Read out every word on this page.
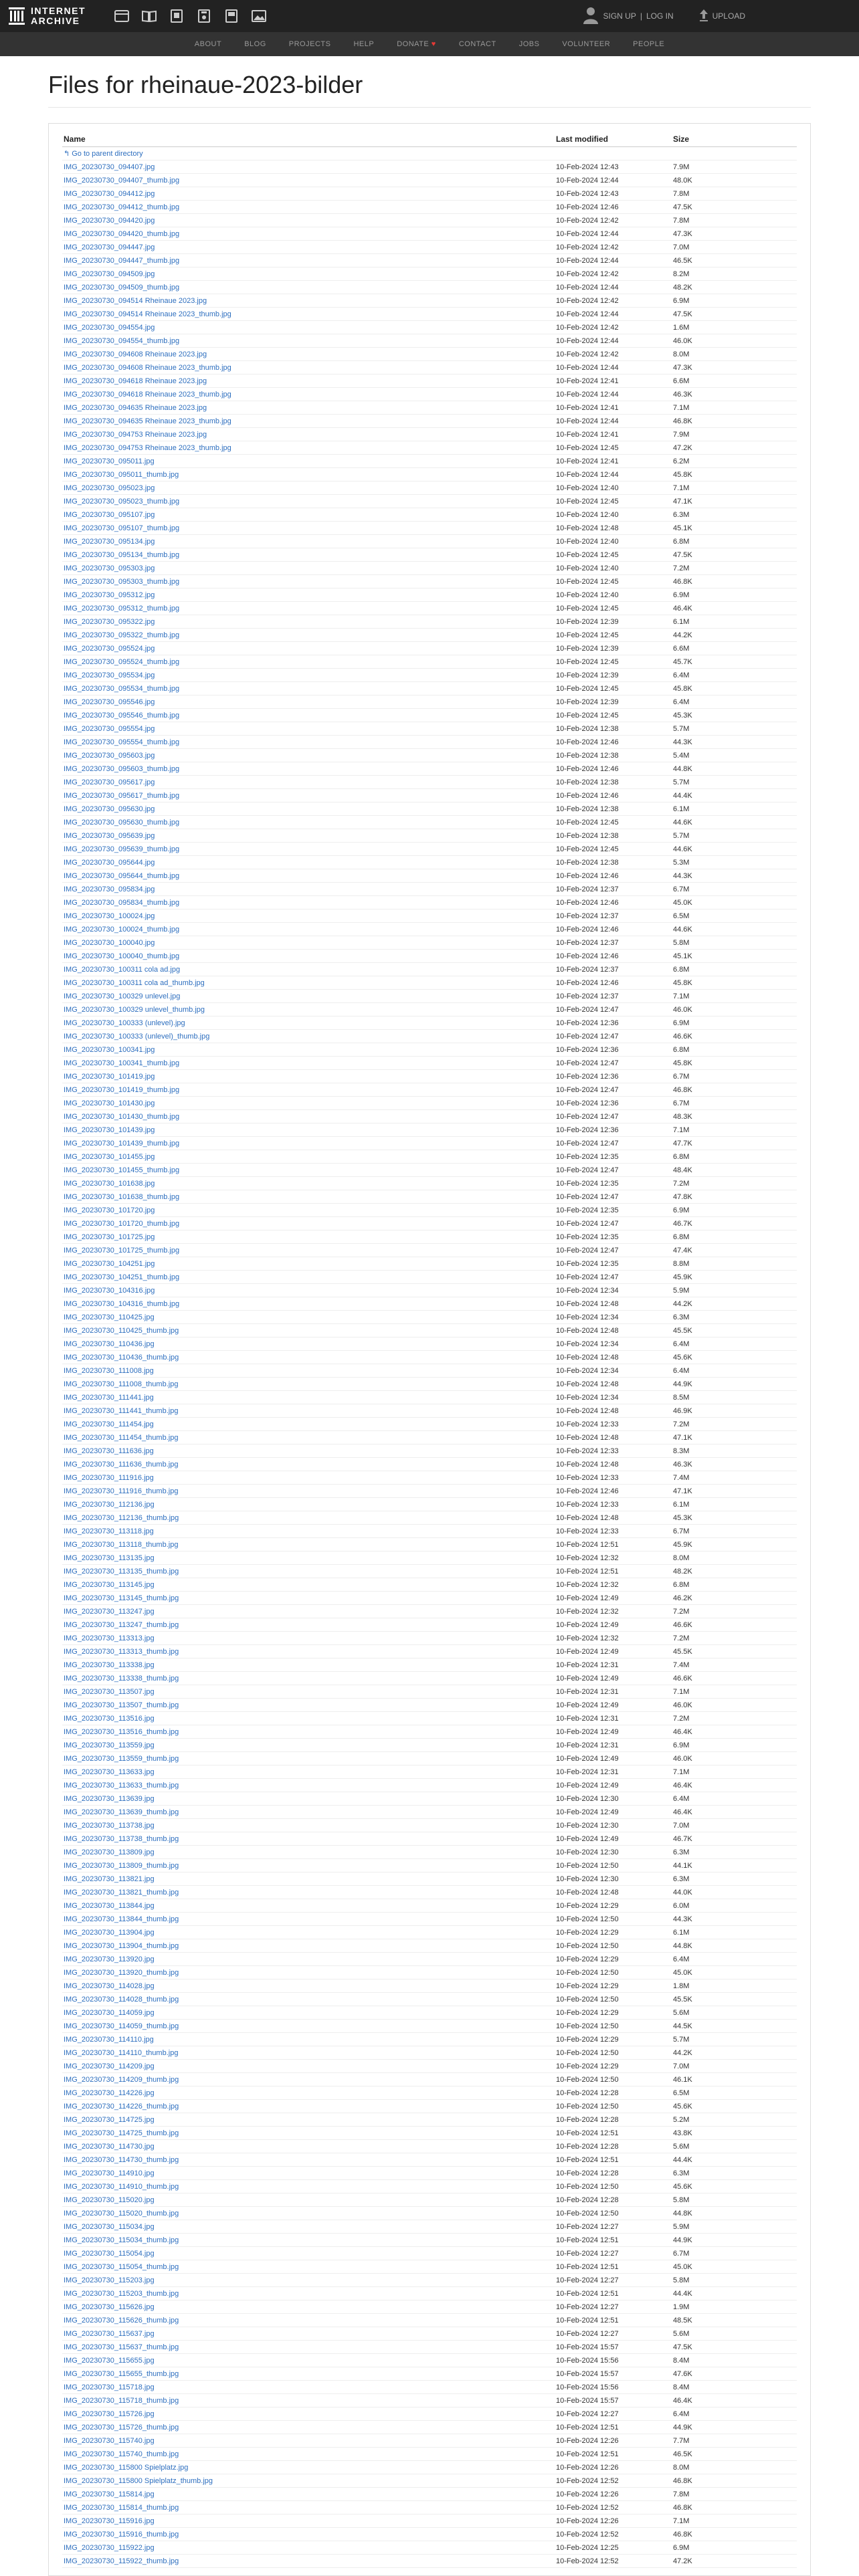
INTERNET ARCHIVE	SIGN UP | LOG IN	UPLOAD
ABOUT	BLOG	PROJECTS	HELP	DONATE ♥	CONTACT	JOBS	VOLUNTEER	PEOPLE
Files for rheinaue-2023-bilder
Name	Last modified	Size
↰ Go to parent directory
IMG_20230730_094407.jpg	10-Feb-2024 12:43	7.9M
IMG_20230730_094407_thumb.jpg	10-Feb-2024 12:44	48.0K
IMG_20230730_094412.jpg	10-Feb-2024 12:43	7.8M
IMG_20230730_094412_thumb.jpg	10-Feb-2024 12:46	47.5K
IMG_20230730_094420.jpg	10-Feb-2024 12:42	7.8M
IMG_20230730_094420_thumb.jpg	10-Feb-2024 12:44	47.3K
IMG_20230730_094447.jpg	10-Feb-2024 12:42	7.0M
IMG_20230730_094447_thumb.jpg	10-Feb-2024 12:44	46.5K
IMG_20230730_094509.jpg	10-Feb-2024 12:42	8.2M
IMG_20230730_094509_thumb.jpg	10-Feb-2024 12:44	48.2K
IMG_20230730_094514 Rheinaue 2023.jpg	10-Feb-2024 12:42	6.9M
IMG_20230730_094514 Rheinaue 2023_thumb.jpg	10-Feb-2024 12:44	47.5K
IMG_20230730_094554.jpg	10-Feb-2024 12:42	1.6M
IMG_20230730_094554_thumb.jpg	10-Feb-2024 12:44	46.0K
IMG_20230730_094608 Rheinaue 2023.jpg	10-Feb-2024 12:42	8.0M
IMG_20230730_094608 Rheinaue 2023_thumb.jpg	10-Feb-2024 12:44	47.3K
IMG_20230730_094618 Rheinaue 2023.jpg	10-Feb-2024 12:41	6.6M
IMG_20230730_094618 Rheinaue 2023_thumb.jpg	10-Feb-2024 12:44	46.3K
IMG_20230730_094635 Rheinaue 2023.jpg	10-Feb-2024 12:41	7.1M
IMG_20230730_094635 Rheinaue 2023_thumb.jpg	10-Feb-2024 12:44	46.8K
IMG_20230730_094753 Rheinaue 2023.jpg	10-Feb-2024 12:41	7.9M
IMG_20230730_094753 Rheinaue 2023_thumb.jpg	10-Feb-2024 12:45	47.2K
IMG_20230730_095011.jpg	10-Feb-2024 12:41	6.2M
IMG_20230730_095011_thumb.jpg	10-Feb-2024 12:44	45.8K
IMG_20230730_095023.jpg	10-Feb-2024 12:40	7.1M
IMG_20230730_095023_thumb.jpg	10-Feb-2024 12:45	47.1K
IMG_20230730_095107.jpg	10-Feb-2024 12:40	6.3M
IMG_20230730_095107_thumb.jpg	10-Feb-2024 12:48	45.1K
IMG_20230730_095134.jpg	10-Feb-2024 12:40	6.8M
IMG_20230730_095134_thumb.jpg	10-Feb-2024 12:45	47.5K
IMG_20230730_095303.jpg	10-Feb-2024 12:40	7.2M
IMG_20230730_095303_thumb.jpg	10-Feb-2024 12:45	46.8K
IMG_20230730_095312.jpg	10-Feb-2024 12:40	6.9M
IMG_20230730_095312_thumb.jpg	10-Feb-2024 12:45	46.4K
IMG_20230730_095322.jpg	10-Feb-2024 12:39	6.1M
IMG_20230730_095322_thumb.jpg	10-Feb-2024 12:45	44.2K
IMG_20230730_095524.jpg	10-Feb-2024 12:39	6.6M
IMG_20230730_095524_thumb.jpg	10-Feb-2024 12:45	45.7K
IMG_20230730_095534.jpg	10-Feb-2024 12:39	6.4M
IMG_20230730_095534_thumb.jpg	10-Feb-2024 12:45	45.8K
IMG_20230730_095546.jpg	10-Feb-2024 12:39	6.4M
IMG_20230730_095546_thumb.jpg	10-Feb-2024 12:45	45.3K
IMG_20230730_095554.jpg	10-Feb-2024 12:38	5.7M
IMG_20230730_095554_thumb.jpg	10-Feb-2024 12:46	44.3K
IMG_20230730_095603.jpg	10-Feb-2024 12:38	5.4M
IMG_20230730_095603_thumb.jpg	10-Feb-2024 12:46	44.8K
IMG_20230730_095617.jpg	10-Feb-2024 12:38	5.7M
IMG_20230730_095617_thumb.jpg	10-Feb-2024 12:46	44.4K
IMG_20230730_095630.jpg	10-Feb-2024 12:38	6.1M
IMG_20230730_095630_thumb.jpg	10-Feb-2024 12:45	44.6K
IMG_20230730_095639.jpg	10-Feb-2024 12:38	5.7M
IMG_20230730_095639_thumb.jpg	10-Feb-2024 12:45	44.6K
IMG_20230730_095644.jpg	10-Feb-2024 12:38	5.3M
IMG_20230730_095644_thumb.jpg	10-Feb-2024 12:46	44.3K
IMG_20230730_095834.jpg	10-Feb-2024 12:37	6.7M
IMG_20230730_095834_thumb.jpg	10-Feb-2024 12:46	45.0K
IMG_20230730_100024.jpg	10-Feb-2024 12:37	6.5M
IMG_20230730_100024_thumb.jpg	10-Feb-2024 12:46	44.6K
IMG_20230730_100040.jpg	10-Feb-2024 12:37	5.8M
IMG_20230730_100040_thumb.jpg	10-Feb-2024 12:46	45.1K
IMG_20230730_100311 cola ad.jpg	10-Feb-2024 12:37	6.8M
IMG_20230730_100311 cola ad_thumb.jpg	10-Feb-2024 12:46	45.8K
IMG_20230730_100329 unlevel.jpg	10-Feb-2024 12:37	7.1M
IMG_20230730_100329 unlevel_thumb.jpg	10-Feb-2024 12:47	46.0K
IMG_20230730_100333 (unlevel).jpg	10-Feb-2024 12:36	6.9M
IMG_20230730_100333 (unlevel)_thumb.jpg	10-Feb-2024 12:47	46.6K
IMG_20230730_100341.jpg	10-Feb-2024 12:36	6.8M
IMG_20230730_100341_thumb.jpg	10-Feb-2024 12:47	45.8K
IMG_20230730_101419.jpg	10-Feb-2024 12:36	6.7M
IMG_20230730_101419_thumb.jpg	10-Feb-2024 12:47	46.8K
IMG_20230730_101430.jpg	10-Feb-2024 12:36	6.7M
IMG_20230730_101430_thumb.jpg	10-Feb-2024 12:47	48.3K
IMG_20230730_101439.jpg	10-Feb-2024 12:36	7.1M
IMG_20230730_101439_thumb.jpg	10-Feb-2024 12:47	47.7K
IMG_20230730_101455.jpg	10-Feb-2024 12:35	6.8M
IMG_20230730_101455_thumb.jpg	10-Feb-2024 12:47	48.4K
IMG_20230730_101638.jpg	10-Feb-2024 12:35	7.2M
IMG_20230730_101638_thumb.jpg	10-Feb-2024 12:47	47.8K
IMG_20230730_101720.jpg	10-Feb-2024 12:35	6.9M
IMG_20230730_101720_thumb.jpg	10-Feb-2024 12:47	46.7K
IMG_20230730_101725.jpg	10-Feb-2024 12:35	6.8M
IMG_20230730_101725_thumb.jpg	10-Feb-2024 12:47	47.4K
IMG_20230730_104251.jpg	10-Feb-2024 12:35	8.8M
IMG_20230730_104251_thumb.jpg	10-Feb-2024 12:47	45.9K
IMG_20230730_104316.jpg	10-Feb-2024 12:34	5.9M
IMG_20230730_104316_thumb.jpg	10-Feb-2024 12:48	44.2K
IMG_20230730_110425.jpg	10-Feb-2024 12:34	6.3M
IMG_20230730_110425_thumb.jpg	10-Feb-2024 12:48	45.5K
IMG_20230730_110436.jpg	10-Feb-2024 12:34	6.4M
IMG_20230730_110436_thumb.jpg	10-Feb-2024 12:48	45.6K
IMG_20230730_111008.jpg	10-Feb-2024 12:34	6.4M
IMG_20230730_111008_thumb.jpg	10-Feb-2024 12:48	44.9K
IMG_20230730_111441.jpg	10-Feb-2024 12:34	8.5M
IMG_20230730_111441_thumb.jpg	10-Feb-2024 12:48	46.9K
IMG_20230730_111454.jpg	10-Feb-2024 12:33	7.2M
IMG_20230730_111454_thumb.jpg	10-Feb-2024 12:48	47.1K
IMG_20230730_111636.jpg	10-Feb-2024 12:33	8.3M
IMG_20230730_111636_thumb.jpg	10-Feb-2024 12:48	46.3K
IMG_20230730_111916.jpg	10-Feb-2024 12:33	7.4M
IMG_20230730_111916_thumb.jpg	10-Feb-2024 12:46	47.1K
IMG_20230730_112136.jpg	10-Feb-2024 12:33	6.1M
IMG_20230730_112136_thumb.jpg	10-Feb-2024 12:48	45.3K
IMG_20230730_113118.jpg	10-Feb-2024 12:33	6.7M
IMG_20230730_113118_thumb.jpg	10-Feb-2024 12:51	45.9K
IMG_20230730_113135.jpg	10-Feb-2024 12:32	8.0M
IMG_20230730_113135_thumb.jpg	10-Feb-2024 12:51	48.2K
IMG_20230730_113145.jpg	10-Feb-2024 12:32	6.8M
IMG_20230730_113145_thumb.jpg	10-Feb-2024 12:49	46.2K
IMG_20230730_113247.jpg	10-Feb-2024 12:32	7.2M
IMG_20230730_113247_thumb.jpg	10-Feb-2024 12:49	46.6K
IMG_20230730_113313.jpg	10-Feb-2024 12:32	7.2M
IMG_20230730_113313_thumb.jpg	10-Feb-2024 12:49	45.5K
IMG_20230730_113338.jpg	10-Feb-2024 12:31	7.4M
IMG_20230730_113338_thumb.jpg	10-Feb-2024 12:49	46.6K
IMG_20230730_113507.jpg	10-Feb-2024 12:31	7.1M
IMG_20230730_113507_thumb.jpg	10-Feb-2024 12:49	46.0K
IMG_20230730_113516.jpg	10-Feb-2024 12:31	7.2M
IMG_20230730_113516_thumb.jpg	10-Feb-2024 12:49	46.4K
IMG_20230730_113559.jpg	10-Feb-2024 12:31	6.9M
IMG_20230730_113559_thumb.jpg	10-Feb-2024 12:49	46.0K
IMG_20230730_113633.jpg	10-Feb-2024 12:31	7.1M
IMG_20230730_113633_thumb.jpg	10-Feb-2024 12:49	46.4K
IMG_20230730_113639.jpg	10-Feb-2024 12:30	6.4M
IMG_20230730_113639_thumb.jpg	10-Feb-2024 12:49	46.4K
IMG_20230730_113738.jpg	10-Feb-2024 12:30	7.0M
IMG_20230730_113738_thumb.jpg	10-Feb-2024 12:49	46.7K
IMG_20230730_113809.jpg	10-Feb-2024 12:30	6.3M
IMG_20230730_113809_thumb.jpg	10-Feb-2024 12:50	44.1K
IMG_20230730_113821.jpg	10-Feb-2024 12:30	6.3M
IMG_20230730_113821_thumb.jpg	10-Feb-2024 12:48	44.0K
IMG_20230730_113844.jpg	10-Feb-2024 12:29	6.0M
IMG_20230730_113844_thumb.jpg	10-Feb-2024 12:50	44.3K
IMG_20230730_113904.jpg	10-Feb-2024 12:29	6.1M
IMG_20230730_113904_thumb.jpg	10-Feb-2024 12:50	44.8K
IMG_20230730_113920.jpg	10-Feb-2024 12:29	6.4M
IMG_20230730_113920_thumb.jpg	10-Feb-2024 12:50	45.0K
IMG_20230730_114028.jpg	10-Feb-2024 12:29	1.8M
IMG_20230730_114028_thumb.jpg	10-Feb-2024 12:50	45.5K
IMG_20230730_114059.jpg	10-Feb-2024 12:29	5.6M
IMG_20230730_114059_thumb.jpg	10-Feb-2024 12:50	44.5K
IMG_20230730_114110.jpg	10-Feb-2024 12:29	5.7M
IMG_20230730_114110_thumb.jpg	10-Feb-2024 12:50	44.2K
IMG_20230730_114209.jpg	10-Feb-2024 12:29	7.0M
IMG_20230730_114209_thumb.jpg	10-Feb-2024 12:50	46.1K
IMG_20230730_114226.jpg	10-Feb-2024 12:28	6.5M
IMG_20230730_114226_thumb.jpg	10-Feb-2024 12:50	45.6K
IMG_20230730_114725.jpg	10-Feb-2024 12:28	5.2M
IMG_20230730_114725_thumb.jpg	10-Feb-2024 12:51	43.8K
IMG_20230730_114730.jpg	10-Feb-2024 12:28	5.6M
IMG_20230730_114730_thumb.jpg	10-Feb-2024 12:51	44.4K
IMG_20230730_114910.jpg	10-Feb-2024 12:28	6.3M
IMG_20230730_114910_thumb.jpg	10-Feb-2024 12:50	45.6K
IMG_20230730_115020.jpg	10-Feb-2024 12:28	5.8M
IMG_20230730_115020_thumb.jpg	10-Feb-2024 12:50	44.8K
IMG_20230730_115034.jpg	10-Feb-2024 12:27	5.9M
IMG_20230730_115034_thumb.jpg	10-Feb-2024 12:51	44.9K
IMG_20230730_115054.jpg	10-Feb-2024 12:27	6.7M
IMG_20230730_115054_thumb.jpg	10-Feb-2024 12:51	45.0K
IMG_20230730_115203.jpg	10-Feb-2024 12:27	5.8M
IMG_20230730_115203_thumb.jpg	10-Feb-2024 12:51	44.4K
IMG_20230730_115626.jpg	10-Feb-2024 12:27	1.9M
IMG_20230730_115626_thumb.jpg	10-Feb-2024 12:51	48.5K
IMG_20230730_115637.jpg	10-Feb-2024 12:27	5.6M
IMG_20230730_115637_thumb.jpg	10-Feb-2024 15:57	47.5K
IMG_20230730_115655.jpg	10-Feb-2024 15:56	8.4M
IMG_20230730_115655_thumb.jpg	10-Feb-2024 15:57	47.6K
IMG_20230730_115718.jpg	10-Feb-2024 15:56	8.4M
IMG_20230730_115718_thumb.jpg	10-Feb-2024 15:57	46.4K
IMG_20230730_115726.jpg	10-Feb-2024 12:27	6.4M
IMG_20230730_115726_thumb.jpg	10-Feb-2024 12:51	44.9K
IMG_20230730_115740.jpg	10-Feb-2024 12:26	7.7M
IMG_20230730_115740_thumb.jpg	10-Feb-2024 12:51	46.5K
IMG_20230730_115800 Spielplatz.jpg	10-Feb-2024 12:26	8.0M
IMG_20230730_115800 Spielplatz_thumb.jpg	10-Feb-2024 12:52	46.8K
IMG_20230730_115814.jpg	10-Feb-2024 12:26	7.8M
IMG_20230730_115814_thumb.jpg	10-Feb-2024 12:52	46.8K
IMG_20230730_115916.jpg	10-Feb-2024 12:26	7.1M
IMG_20230730_115916_thumb.jpg	10-Feb-2024 12:52	46.8K
IMG_20230730_115922.jpg	10-Feb-2024 12:25	6.9M
IMG_20230730_115922_thumb.jpg	10-Feb-2024 12:52	47.2K
